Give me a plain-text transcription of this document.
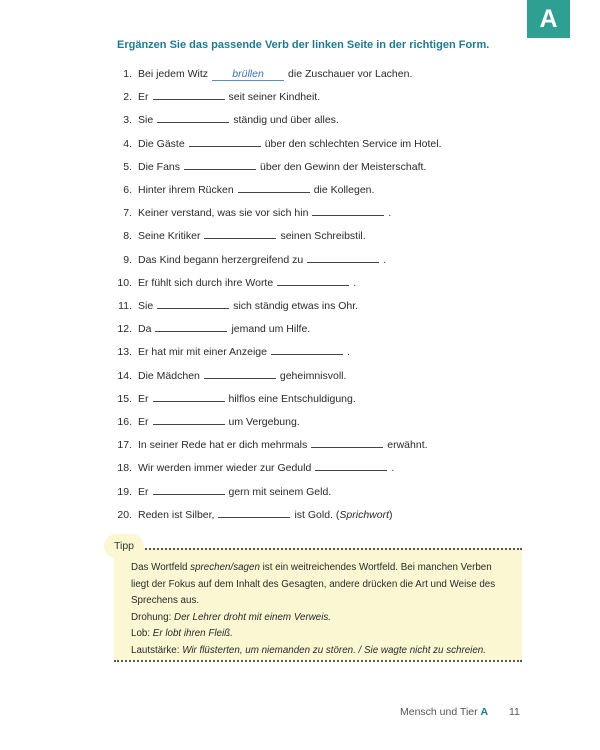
A
Ergänzen Sie das passende Verb der linken Seite in der richtigen Form.
1. Bei jedem Witz brüllen die Zuschauer vor Lachen.
2. Er	seit seiner Kindheit.
3. Sie	ständig und über alles.
4. Die Gäste	über den schlechten Service im Hotel.
5. Die Fans	über den Gewinn der Meisterschaft.
6. Hinter ihrem Rücken	die Kollegen.
7. Keiner verstand, was sie vor sich hin	.
8. Seine Kritiker	seinen Schreibstil.
9. Das Kind begann herzergreifend zu	.
10. Er fühlt sich durch ihre Worte	.
11. Sie	sich ständig etwas ins Ohr.
12. Da	jemand um Hilfe.
13. Er hat mir mit einer Anzeige	.
14. Die Mädchen	geheimnisvoll.
15. Er	hilflos eine Entschuldigung.
16. Er	um Vergebung.
17. In seiner Rede hat er dich mehrmals	erwähnt.
18. Wir werden immer wieder zur Geduld	.
19. Er	gern mit seinem Geld.
20. Reden ist Silber,	ist Gold. (Sprichwort)
Tipp
Das Wortfeld sprechen/sagen ist ein weitreichendes Wortfeld. Bei manchen Verben
liegt der Fokus auf dem Inhalt des Gesagten, andere drücken die Art und Weise des
Sprechens aus.
Drohung: Der Lehrer droht mit einem Verweis.
Lob: Er lobt ihren Fleiß.
Lautstärke: Wir flüsterten, um niemanden zu stören. / Sie wagte nicht zu schreien.
Mensch und Tier A 11
